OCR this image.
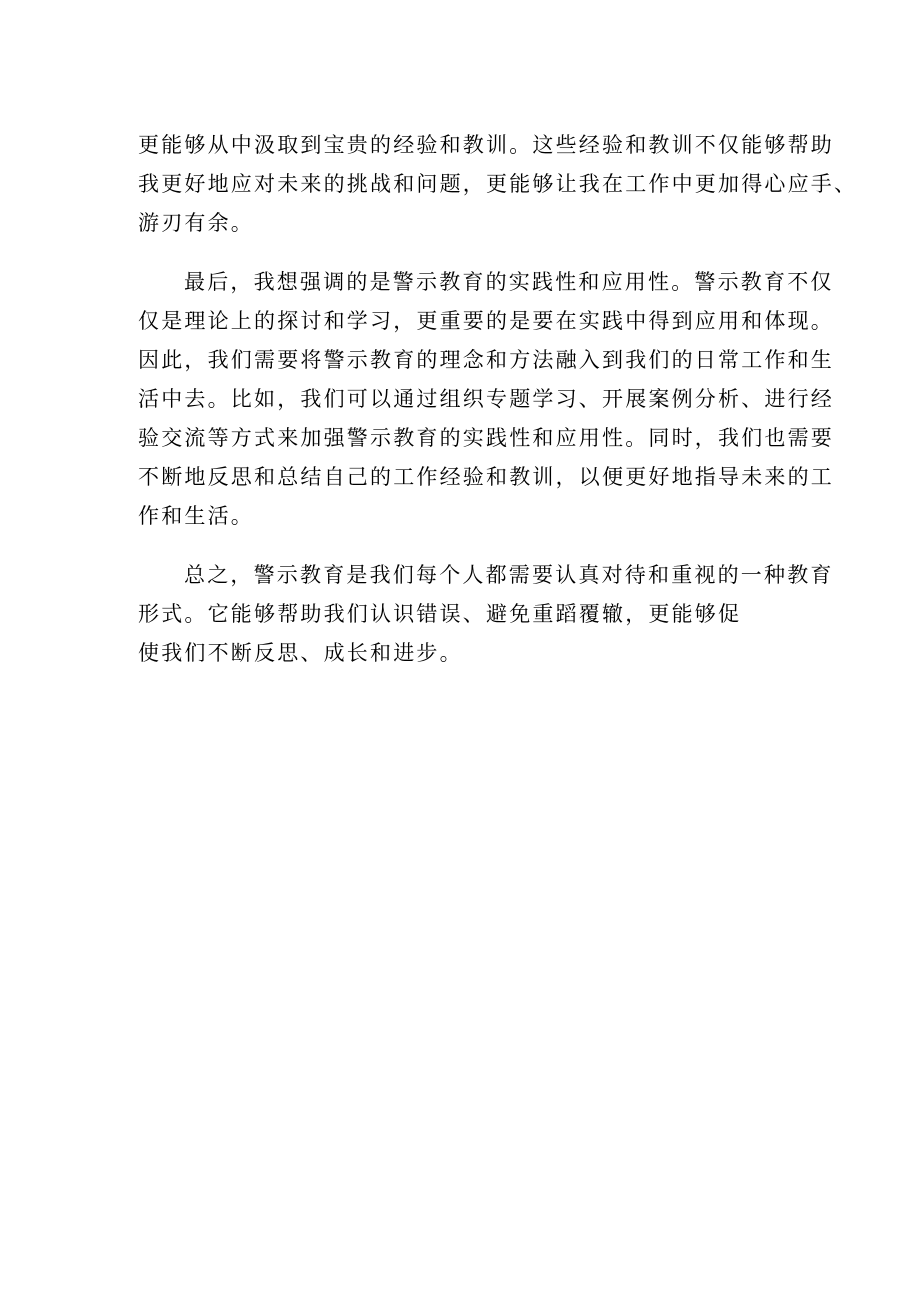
更能够从中汲取到宝贵的经验和教训。这些经验和教训不仅能够帮助
我更好地应对未来的挑战和问题，更能够让我在工作中更加得心应手、
游刃有余。

最后，我想强调的是警示教育的实践性和应用性。警示教育不仅
仅是理论上的探讨和学习，更重要的是要在实践中得到应用和体现。
因此，我们需要将警示教育的理念和方法融入到我们的日常工作和生
活中去。比如，我们可以通过组织专题学习、开展案例分析、进行经
验交流等方式来加强警示教育的实践性和应用性。同时，我们也需要
不断地反思和总结自己的工作经验和教训，以便更好地指导未来的工
作和生活。

总之，警示教育是我们每个人都需要认真对待和重视的一种教育
形式。它能够帮助我们认识错误、避免重蹈覆辙，更能够促
使我们不断反思、成长和进步。
